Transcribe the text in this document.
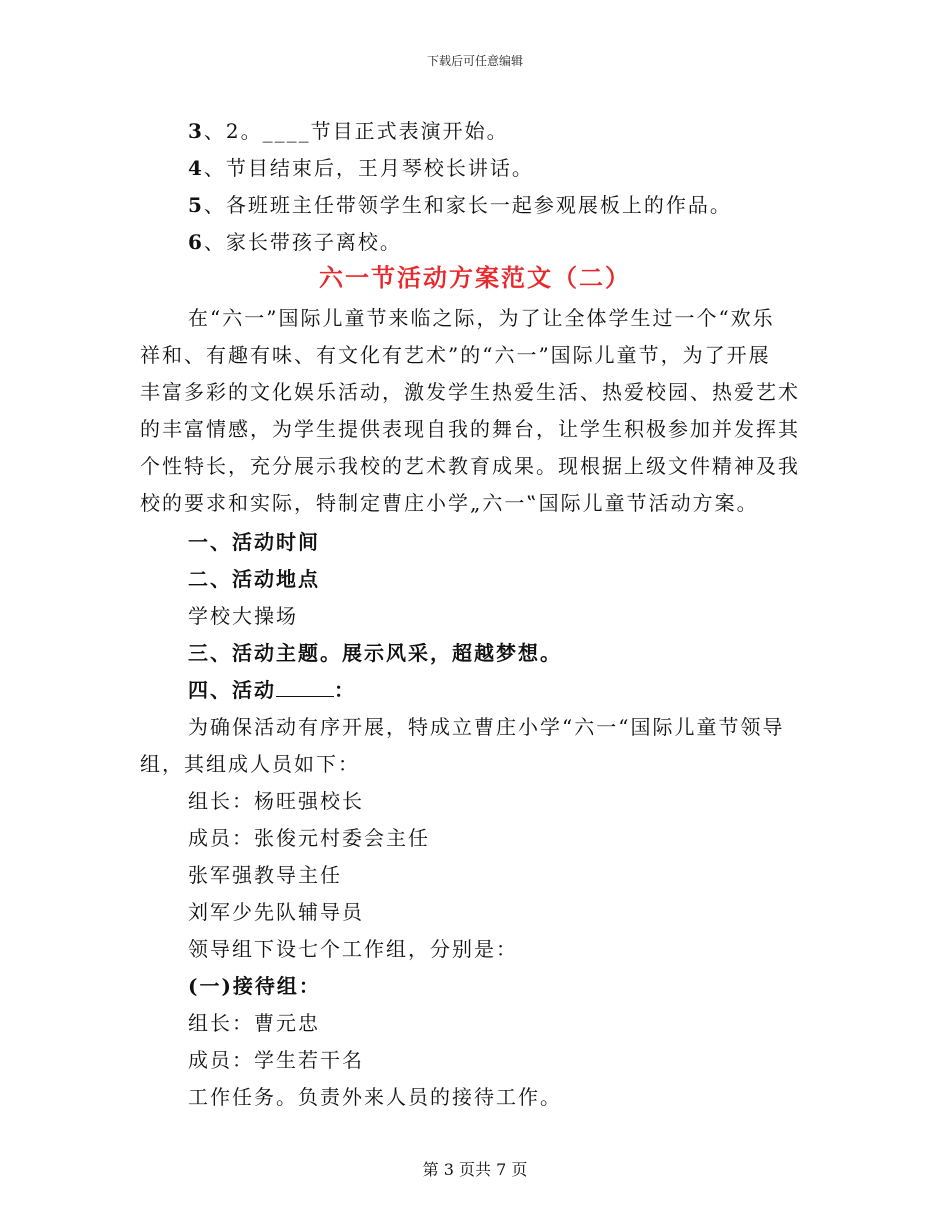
下载后可任意编辑
3、2。____节目正式表演开始。
4、节目结束后，王月琴校长讲话。
5、各班班主任带领学生和家长一起参观展板上的作品。
6、家长带孩子离校。
六一节活动方案范文（二）
在“六一”国际儿童节来临之际，为了让全体学生过一个“欢乐
祥和、有趣有味、有文化有艺术”的“六一”国际儿童节，为了开展
丰富多彩的文化娱乐活动，激发学生热爱生活、热爱校园、热爱艺术
的丰富情感，为学生提供表现自我的舞台，让学生积极参加并发挥其
个性特长，充分展示我校的艺术教育成果。现根据上级文件精神及我
校的要求和实际，特制定曹庄小学„六一‟国际儿童节活动方案。
一、活动时间
二、活动地点
学校大操场
三、活动主题。展示风采，超越梦想。
四、活动	：
为确保活动有序开展，特成立曹庄小学“六一“国际儿童节领导
组，其组成人员如下：
组长：杨旺强校长
成员：张俊元村委会主任
张军强教导主任
刘军少先队辅导员
领导组下设七个工作组，分别是：
(一)接待组：
组长：曹元忠
成员：学生若干名
工作任务。负责外来人员的接待工作。
第 3 页共 7 页
